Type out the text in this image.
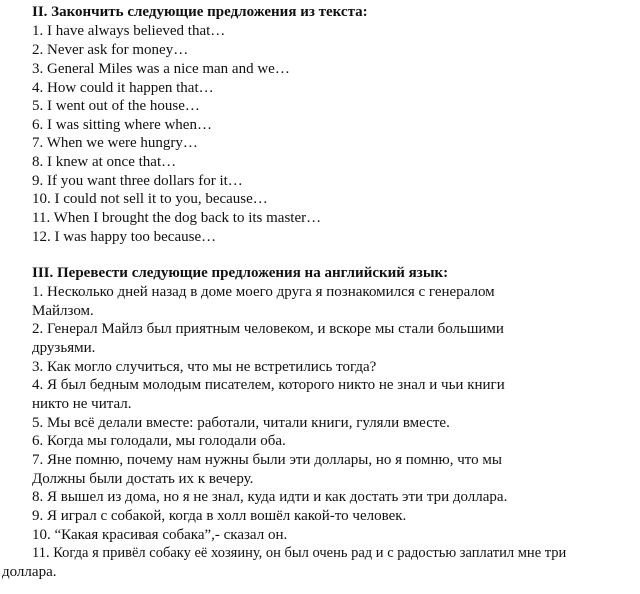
II. Закончить следующие предложения из текста:
1. I have always believed that…
2. Never ask for money…
3. General Miles was a nice man and we…
4. How could it happen that…
5. I went out of the house…
6. I was sitting where when…
7. When we were hungry…
8. I knew at once that…
9. If you want three dollars for it…
10. I could not sell it to you, because…
11. When I brought the dog back to its master…
12. I was happy too because…
III. Перевести следующие предложения на английский язык:
1. Несколько дней назад в доме моего друга я познакомился с генералом
Майлзом.
2. Генерал Майлз был приятным человеком, и вскоре мы стали большими
друзьями.
3. Как могло случиться, что мы не встретились тогда?
4. Я был бедным молодым писателем, которого никто не знал и чьи книги
никто не читал.
5. Мы всё делали вместе: работали, читали книги, гуляли вместе.
6. Когда мы голодали, мы голодали оба.
7. Яне помню, почему нам нужны были эти доллары, но я помню, что мы
Должны были достать их к вечеру.
8. Я вышел из дома, но я не знал, куда идти и как достать эти три доллара.
9. Я играл с собакой, когда в холл вошёл какой-то человек.
10. “Какая красивая собака”,- сказал он.
11. Когда я привёл собаку её хозяину, он был очень рад и с радостью заплатил мне три
доллара.
